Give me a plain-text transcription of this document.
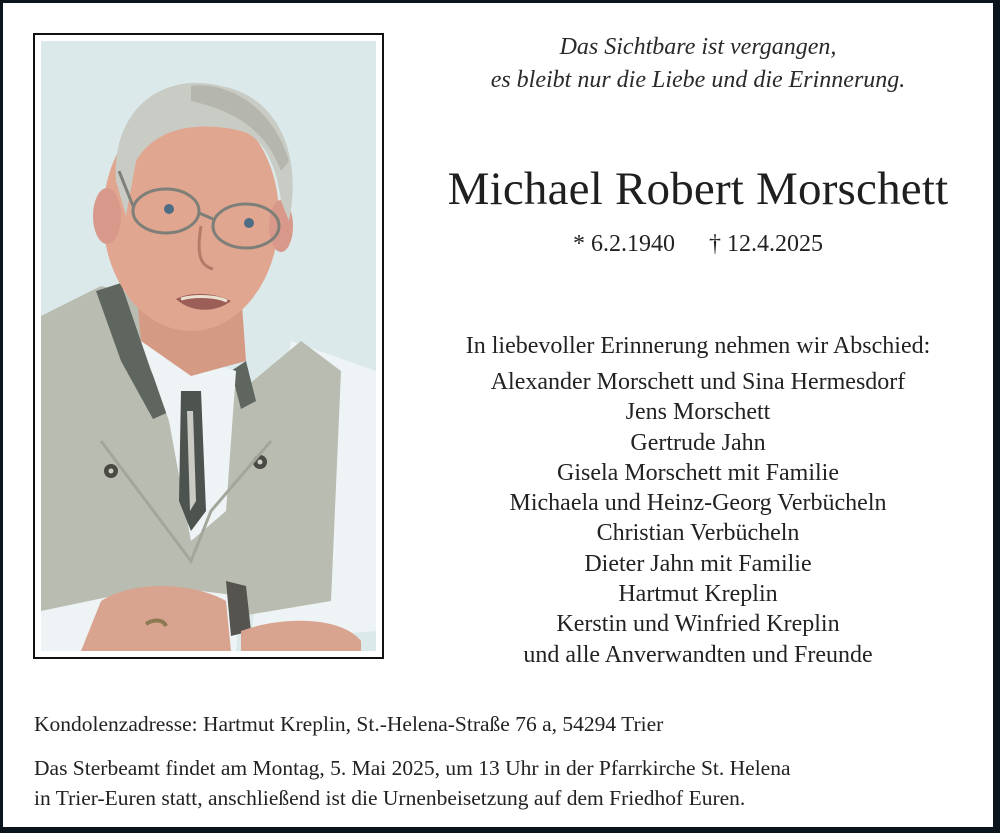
Das Sichtbare ist vergangen,
es bleibt nur die Liebe und die Erinnerung.
Michael Robert Morschett
* 6.2.1940 † 12.4.2025
In liebevoller Erinnerung nehmen wir Abschied:
Alexander Morschett und Sina Hermesdorf
Jens Morschett
Gertrude Jahn
Gisela Morschett mit Familie
Michaela und Heinz-Georg Verbücheln
Christian Verbücheln
Dieter Jahn mit Familie
Hartmut Kreplin
Kerstin und Winfried Kreplin
und alle Anverwandten und Freunde
Kondolenzadresse: Hartmut Kreplin, St.-Helena-Straße 76 a, 54294 Trier
Das Sterbeamt findet am Montag, 5. Mai 2025, um 13 Uhr in der Pfarrkirche St. Helena
in Trier-Euren statt, anschließend ist die Urnenbeisetzung auf dem Friedhof Euren.
